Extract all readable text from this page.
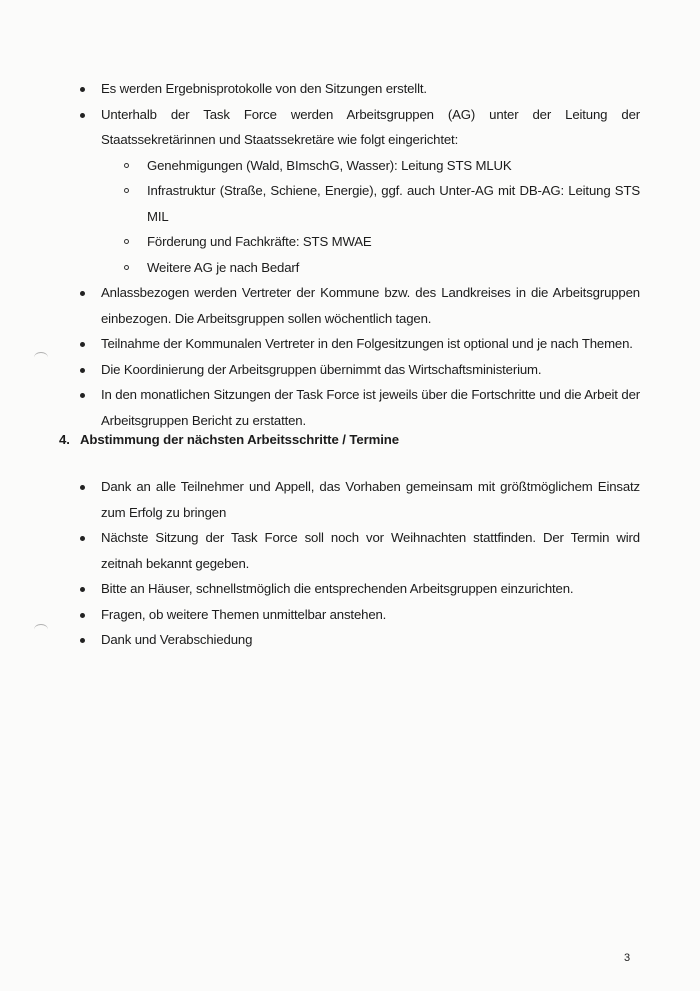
Es werden Ergebnisprotokolle von den Sitzungen erstellt.
Unterhalb der Task Force werden Arbeitsgruppen (AG) unter der Leitung der Staatssekretärinnen und Staatssekretäre wie folgt eingerichtet:
Genehmigungen (Wald, BImschG, Wasser): Leitung STS MLUK
Infrastruktur (Straße, Schiene, Energie), ggf. auch Unter-AG mit DB-AG: Leitung STS MIL
Förderung und Fachkräfte: STS MWAE
Weitere AG je nach Bedarf
Anlassbezogen werden Vertreter der Kommune bzw. des Landkreises in die Arbeitsgruppen einbezogen. Die Arbeitsgruppen sollen wöchentlich tagen.
Teilnahme der Kommunalen Vertreter in den Folgesitzungen ist optional und je nach Themen.
Die Koordinierung der Arbeitsgruppen übernimmt das Wirtschaftsministerium.
In den monatlichen Sitzungen der Task Force ist jeweils über die Fortschritte und die Arbeit der Arbeitsgruppen Bericht zu erstatten.
4. Abstimmung der nächsten Arbeitsschritte / Termine
Dank an alle Teilnehmer und Appell, das Vorhaben gemeinsam mit größtmöglichem Einsatz zum Erfolg zu bringen
Nächste Sitzung der Task Force soll noch vor Weihnachten stattfinden. Der Termin wird zeitnah bekannt gegeben.
Bitte an Häuser, schnellstmöglich die entsprechenden Arbeitsgruppen einzurichten.
Fragen, ob weitere Themen unmittelbar anstehen.
Dank und Verabschiedung
3
